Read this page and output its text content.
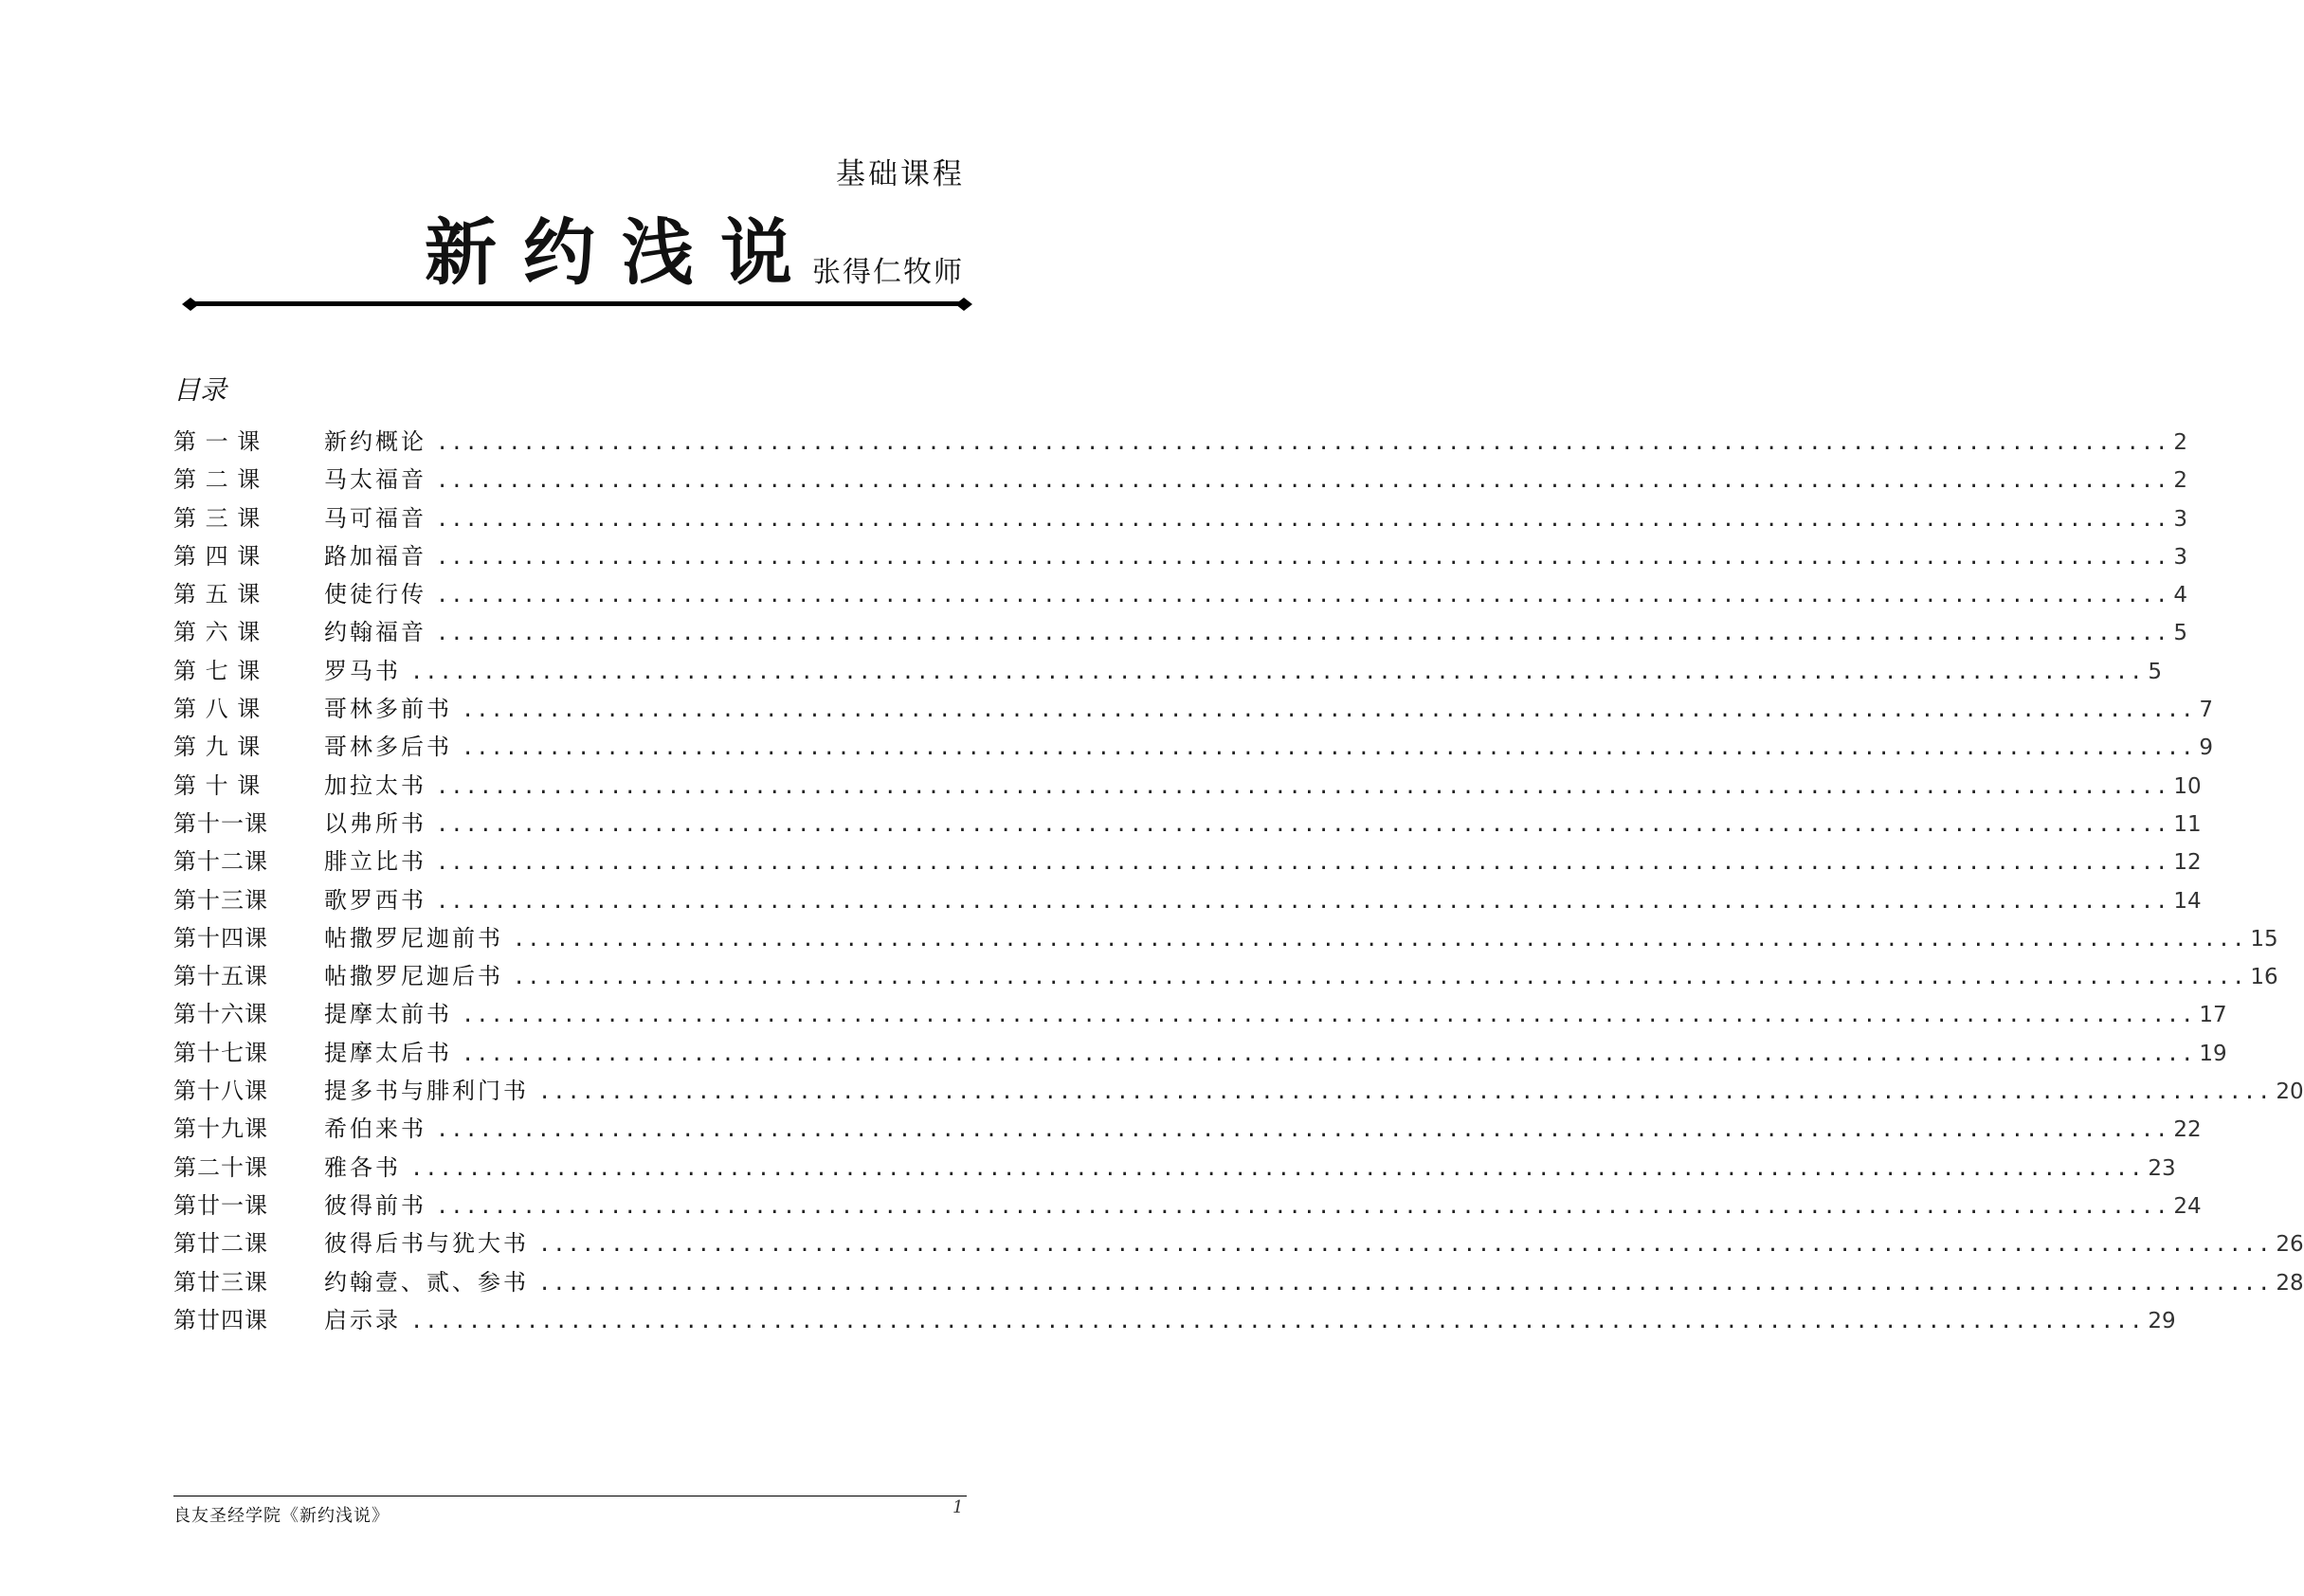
基础课程
新约浅说
张得仁牧师
目录
第 一 课	新约概论 ........................................................................................................................ 2
第 二 课	马太福音 ........................................................................................................................ 2
第 三 课	马可福音 ........................................................................................................................ 3
第 四 课	路加福音 ........................................................................................................................ 3
第 五 课	使徒行传 ........................................................................................................................ 4
第 六 课	约翰福音 ........................................................................................................................ 5
第 七 课	罗马书 ........................................................................................................................ 5
第 八 课	哥林多前书 ........................................................................................................................ 7
第 九 课	哥林多后书 ........................................................................................................................ 9
第 十 课	加拉太书 ........................................................................................................................ 10
第十一课	以弗所书 ........................................................................................................................ 11
第十二课	腓立比书 ........................................................................................................................ 12
第十三课	歌罗西书 ........................................................................................................................ 14
第十四课	帖撒罗尼迦前书 ........................................................................................................................ 15
第十五课	帖撒罗尼迦后书 ........................................................................................................................ 16
第十六课	提摩太前书 ........................................................................................................................ 17
第十七课	提摩太后书 ........................................................................................................................ 19
第十八课	提多书与腓利门书 ........................................................................................................................ 20
第十九课	希伯来书 ........................................................................................................................ 22
第二十课	雅各书 ........................................................................................................................ 23
第廿一课	彼得前书 ........................................................................................................................ 24
第廿二课	彼得后书与犹大书 ........................................................................................................................ 26
第廿三课	约翰壹、贰、参书 ........................................................................................................................ 28
第廿四课	启示录 ........................................................................................................................ 29
良友圣经学院《新约浅说》	1
